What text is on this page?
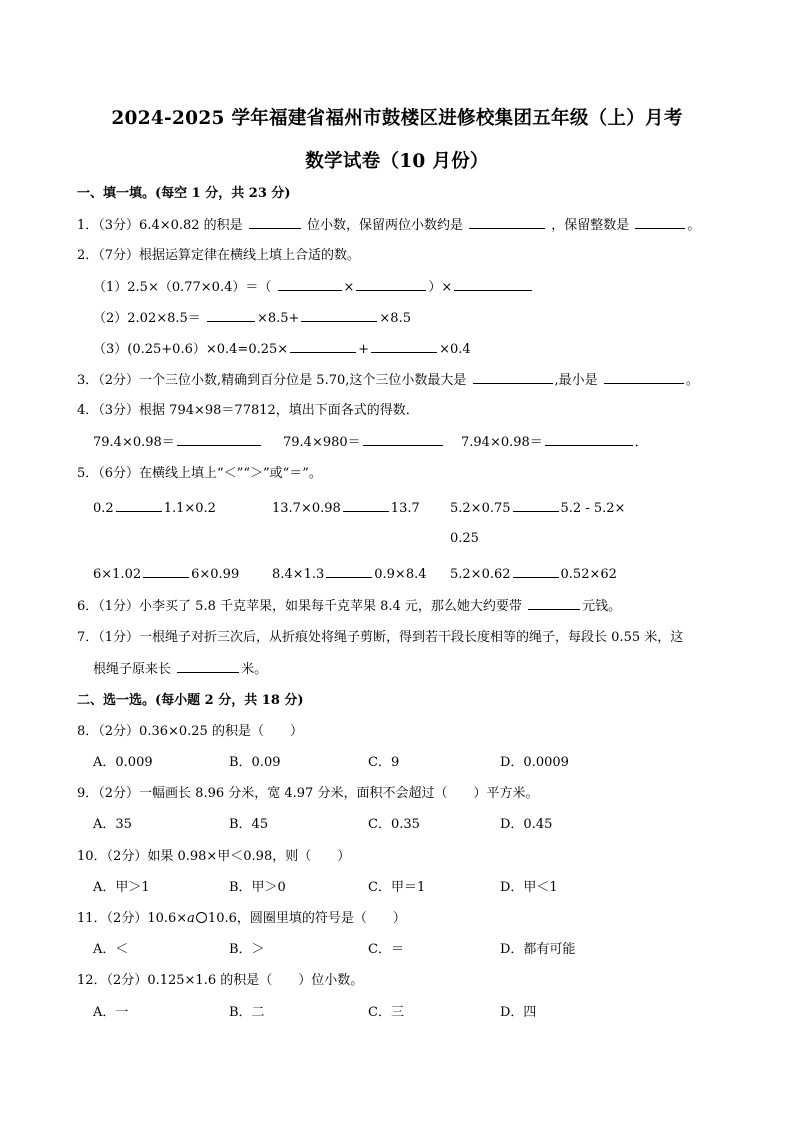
2024-2025 学年福建省福州市鼓楼区进修校集团五年级（上）月考
数学试卷（10 月份）
一、填一填。(每空 1 分，共 23 分)
1．（3分）6.4×0.82 的积是	位小数，保留两位小数约是	，保留整数是	。
2．（7分）根据运算定律在横线上填上合适的数。
（1）2.5×（0.77×0.4）＝（	×	）×
（2）2.02×8.5＝	×8.5+	×8.5
（3）(0.25+0.6）×0.4=0.25×	+	×0.4
3．（2分）一个三位小数,精确到百分位是 5.70,这个三位小数最大是	,最小是	。
4．（3分）根据 794×98＝77812，填出下面各式的得数．
79.4×0.98＝	79.4×980＝	7.94×0.98＝	．
5．（6分）在横线上填上“＜”“＞”或“＝”。
0.2	1.1×0.2	13.7×0.98	13.7 5.2×0.75	5.2 - 5.2×
0.25
6×1.02	6×0.99	8.4×1.3	0.9×8.4 5.2×0.62	0.52×62
6．（1分）小李买了 5.8 千克苹果，如果每千克苹果 8.4 元，那么她大约要带	元钱。
7．（1分）一根绳子对折三次后，从折痕处将绳子剪断，得到若干段长度相等的绳子，每段长 0.55 米，这
根绳子原来长	米。
二、选一选。(每小题 2 分，共 18 分)
8．（2分）0.36×0.25 的积是（　　）
A．0.009	B．0.09	C．9	D．0.0009
9．（2分）一幅画长 8.96 分米，宽 4.97 分米，面积不会超过（　　）平方米。
A．35	B．45	C．0.35	D．0.45
10．（2分）如果 0.98×甲＜0.98，则（　　）
A．甲＞1	B．甲＞0	C．甲＝1	D．甲＜1
11．（2分）10.6×a 10.6，圆圈里填的符号是（　　）
A．＜	B．＞	C．＝	D．都有可能
12．（2分）0.125×1.6 的积是（　　）位小数。
A．一	B．二	C．三	D．四
